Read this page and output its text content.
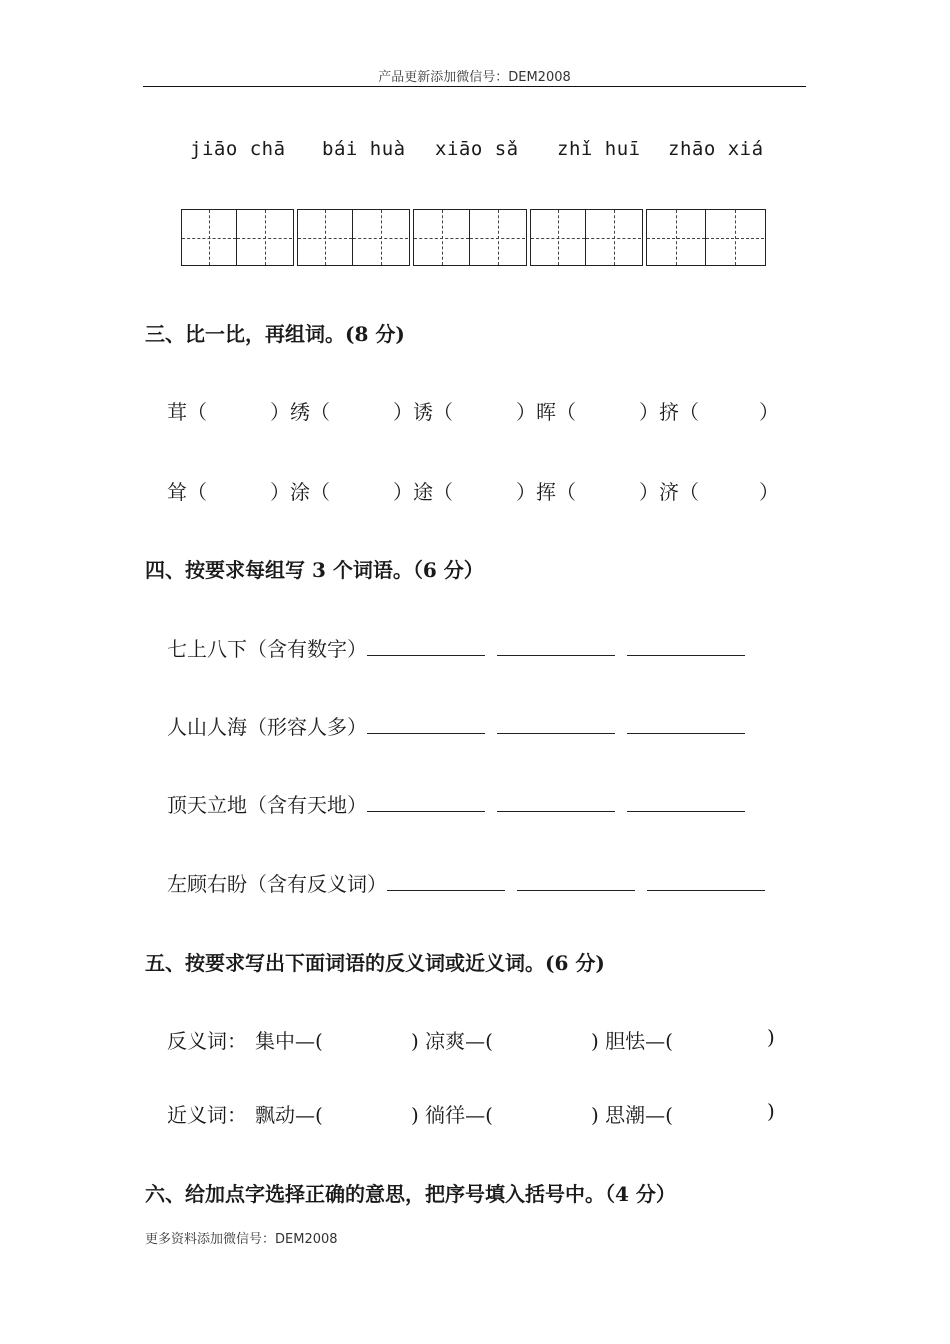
产品更新添加微信号：DEM2008
jiāo chā bái huà xiāo sǎ zhǐ huī zhāo xiá
三、比一比，再组词。(8 分)
茸（	）绣（	）诱（	）晖（	）挤（	）
耸（	）涂（	）途（	）挥（	）济（	）
四、按要求每组写 3 个词语。（6 分）
七上八下（含有数字）
人山人海（形容人多）
顶天立地（含有天地）
左顾右盼（含有反义词）
五、按要求写出下面词语的反义词或近义词。(6 分)
反义词： 集中—(	) 凉爽—(	) 胆怯—(	)
近义词： 飘动—(	) 徜徉—(	) 思潮—(	)
六、给加点字选择正确的意思，把序号填入括号中。（4 分）
更多资料添加微信号：DEM2008
